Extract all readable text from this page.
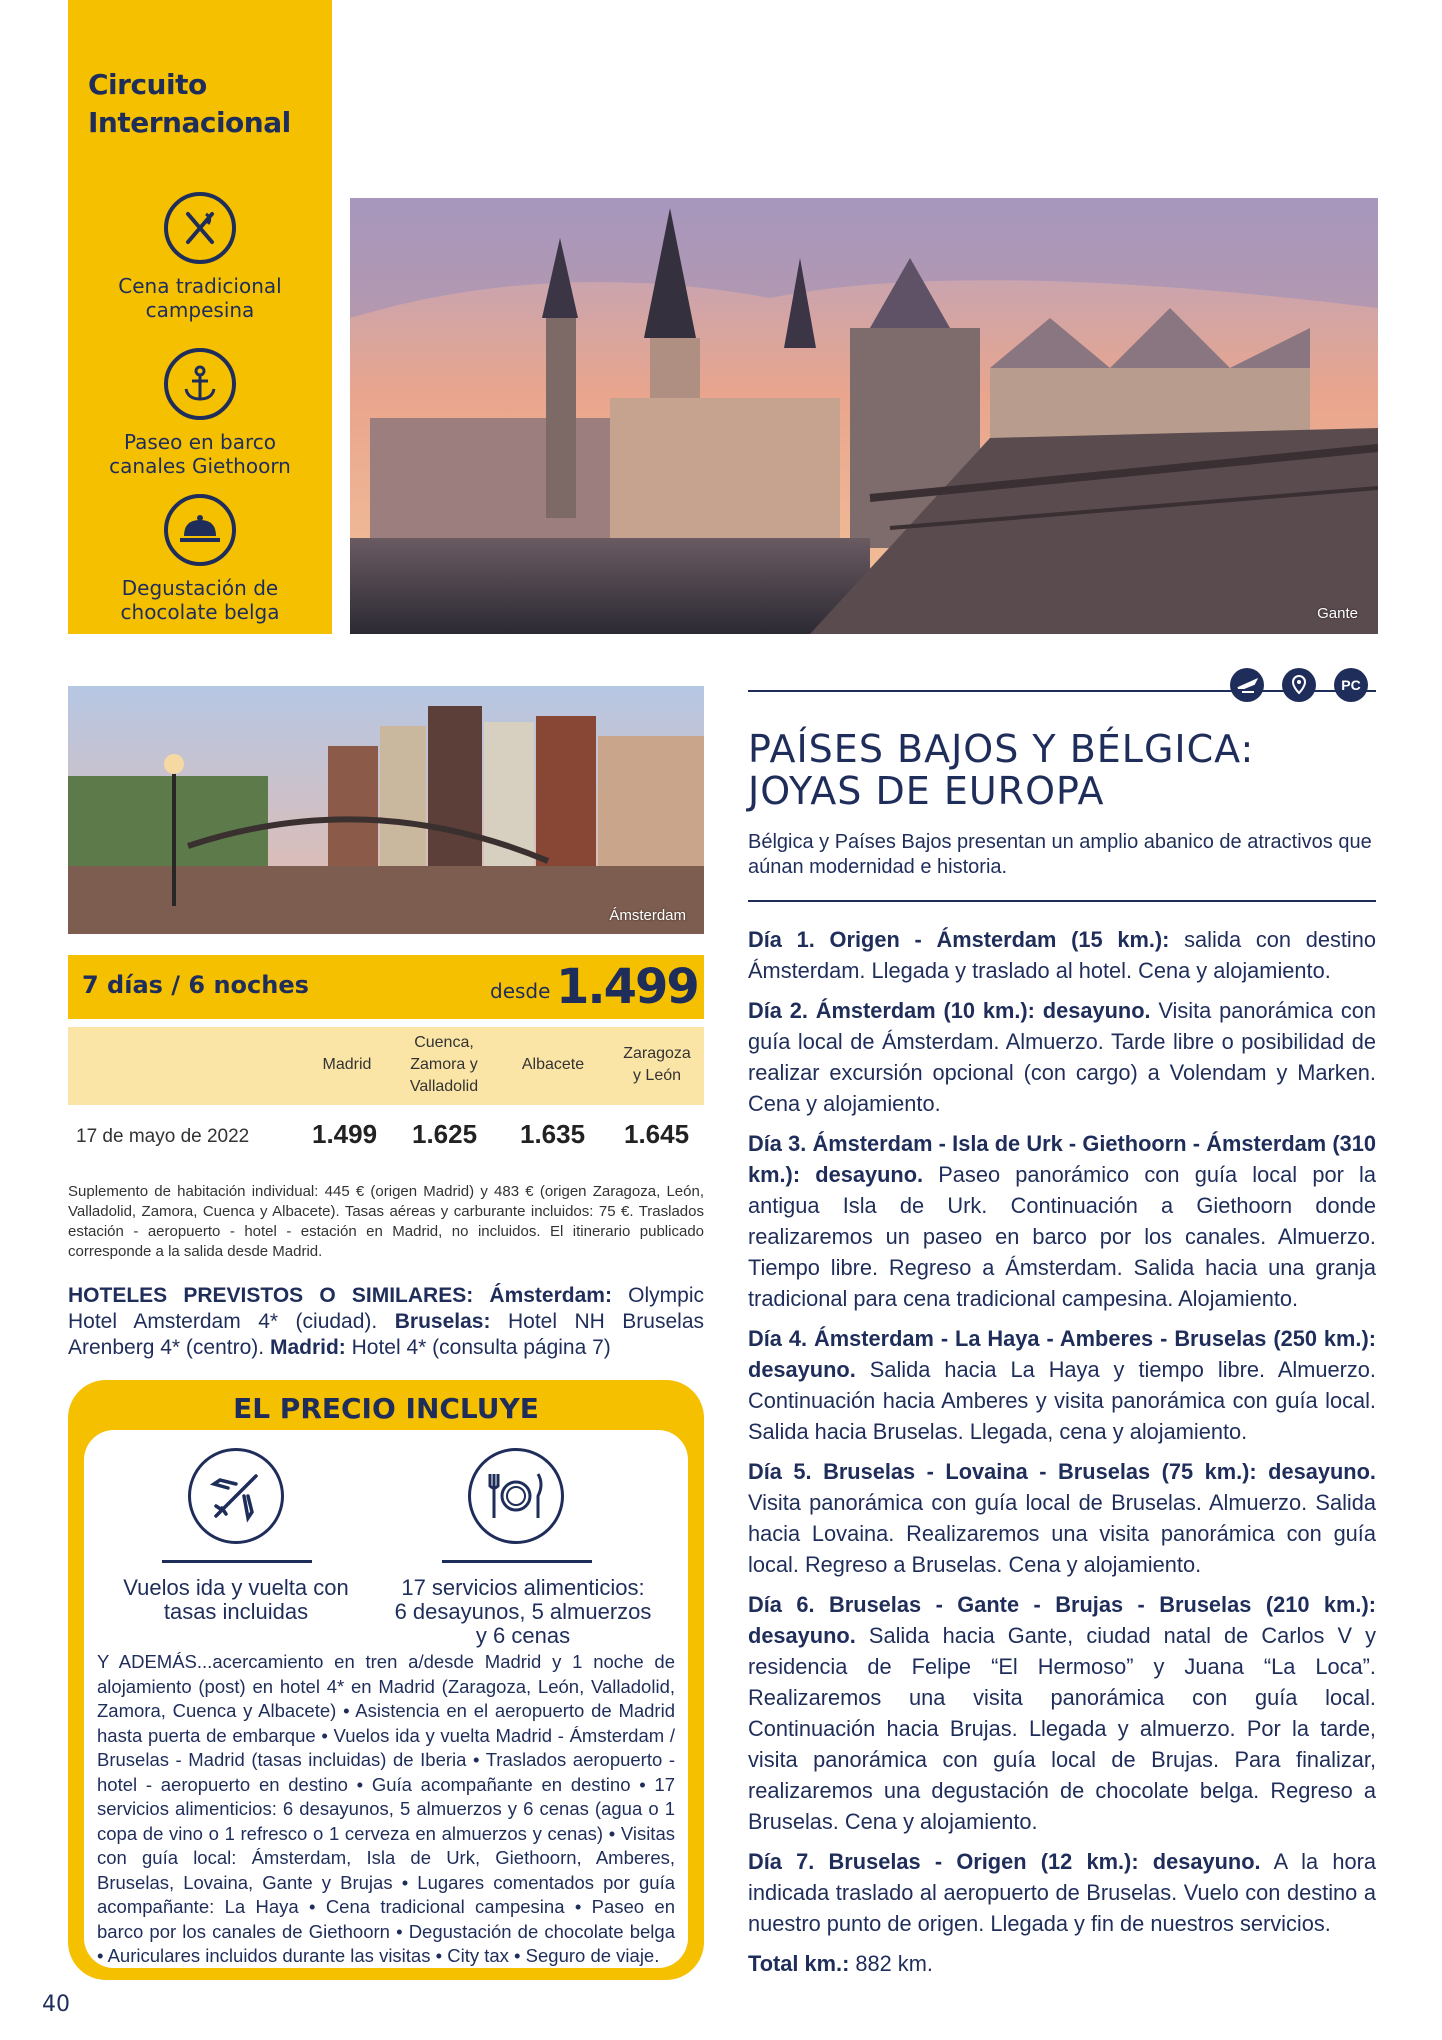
Circuito
Internacional
Cena tradicional
campesina
Paseo en barco
canales Giethoorn
Degustación de
chocolate belga	Gante
Ámsterdam
7 días / 6 noches	desde 1.499
Madrid
Cuenca,
Zamora y
Valladolid
Albacete
Zaragoza
y León
17 de mayo de 2022 1.499 1.625 1.635 1.645
Suplemento de habitación individual: 445 € (origen Madrid) y 483 € (origen Zaragoza, León, Valladolid, Zamora, Cuenca y Albacete). Tasas aéreas y carburante incluidos: 75 €. Traslados estación - aeropuerto - hotel - estación en Madrid, no incluidos. El itinerario publicado corresponde a la salida desde Madrid.
HOTELES PREVISTOS O SIMILARES: Ámsterdam: Olympic Hotel Amsterdam 4* (ciudad). Bruselas: Hotel NH Bruselas Arenberg 4* (centro). Madrid: Hotel 4* (consulta página 7)
EL PRECIO INCLUYE
Vuelos ida y vuelta con tasas incluidas
17 servicios alimenticios: 6 desayunos, 5 almuerzos y 6 cenas
Y ADEMÁS...acercamiento en tren a/desde Madrid y 1 noche de alojamiento (post) en hotel 4* en Madrid (Zaragoza, León, Valladolid, Zamora, Cuenca y Albacete) • Asistencia en el aeropuerto de Madrid hasta puerta de embarque • Vuelos ida y vuelta Madrid - Ámsterdam / Bruselas - Madrid (tasas incluidas) de Iberia • Traslados aeropuerto - hotel - aeropuerto en destino • Guía acompañante en destino • 17 servicios alimenticios: 6 desayunos, 5 almuerzos y 6 cenas (agua o 1 copa de vino o 1 refresco o 1 cerveza en almuerzos y cenas) • Visitas con guía local: Ámsterdam, Isla de Urk, Giethoorn, Amberes, Bruselas, Lovaina, Gante y Brujas • Lugares comentados por guía acompañante: La Haya • Cena tradicional campesina • Paseo en barco por los canales de Giethoorn • Degustación de chocolate belga • Auriculares incluidos durante las visitas • City tax • Seguro de viaje.
PC
PAÍSES BAJOS Y BÉLGICA:
JOYAS DE EUROPA
Bélgica y Países Bajos presentan un amplio abanico de atractivos que aúnan modernidad e historia.

Día 1. Origen - Ámsterdam (15 km.): salida con destino Ámsterdam. Llegada y traslado al hotel. Cena y alojamiento.

Día 2. Ámsterdam (10 km.): desayuno. Visita panorámica con guía local de Ámsterdam. Almuerzo. Tarde libre o posibilidad de realizar excursión opcional (con cargo) a Volendam y Marken. Cena y alojamiento.

Día 3. Ámsterdam - Isla de Urk - Giethoorn - Ámsterdam (310 km.): desayuno. Paseo panorámico con guía local por la antigua Isla de Urk. Continuación a Giethoorn donde realizaremos un paseo en barco por los canales. Almuerzo. Tiempo libre. Regreso a Ámsterdam. Salida hacia una granja tradicional para cena tradicional campesina. Alojamiento.

Día 4. Ámsterdam - La Haya - Amberes - Bruselas (250 km.): desayuno. Salida hacia La Haya y tiempo libre. Almuerzo. Continuación hacia Amberes y visita panorámica con guía local. Salida hacia Bruselas. Llegada, cena y alojamiento.

Día 5. Bruselas - Lovaina - Bruselas (75 km.): desayuno. Visita panorámica con guía local de Bruselas. Almuerzo. Salida hacia Lovaina. Realizaremos una visita panorámica con guía local. Regreso a Bruselas. Cena y alojamiento.

Día 6. Bruselas - Gante - Brujas - Bruselas (210 km.): desayuno. Salida hacia Gante, ciudad natal de Carlos V y residencia de Felipe “El Hermoso” y Juana “La Loca”. Realizaremos una visita panorámica con guía local. Continuación hacia Brujas. Llegada y almuerzo. Por la tarde, visita panorámica con guía local de Brujas. Para finalizar, realizaremos una degustación de chocolate belga. Regreso a Bruselas. Cena y alojamiento.

Día 7. Bruselas - Origen (12 km.): desayuno. A la hora indicada traslado al aeropuerto de Bruselas. Vuelo con destino a nuestro punto de origen. Llegada y fin de nuestros servicios.

Total km.: 882 km.

40
